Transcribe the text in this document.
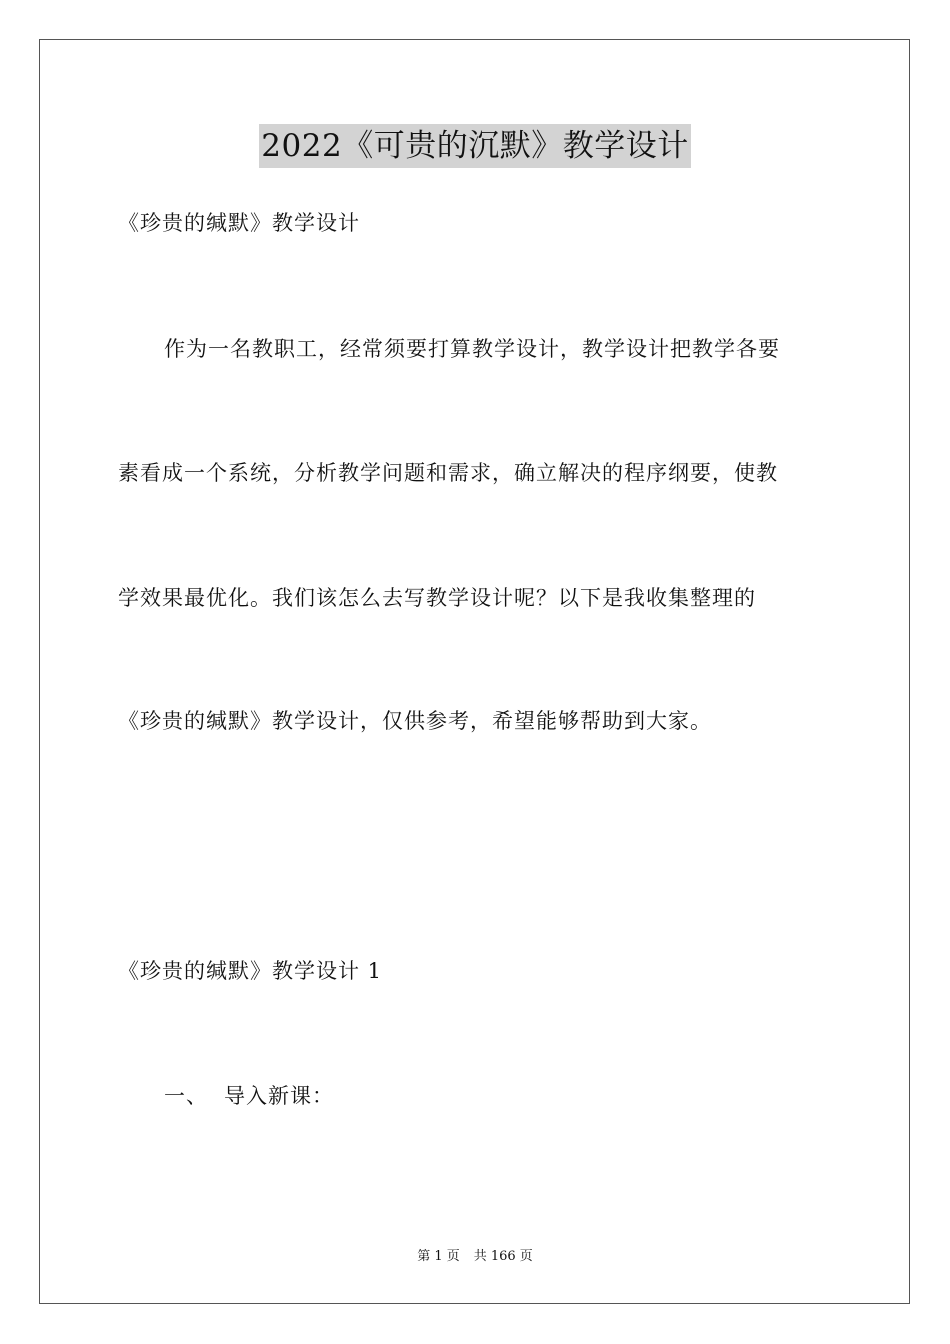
2022《可贵的沉默》教学设计
《珍贵的缄默》教学设计
作为一名教职工，经常须要打算教学设计，教学设计把教学各要
素看成一个系统，分析教学问题和需求，确立解决的程序纲要，使教
学效果最优化。我们该怎么去写教学设计呢？以下是我收集整理的
《珍贵的缄默》教学设计，仅供参考，希望能够帮助到大家。
《珍贵的缄默》教学设计 1
一、 导入新课：
第 1 页 共 166 页
